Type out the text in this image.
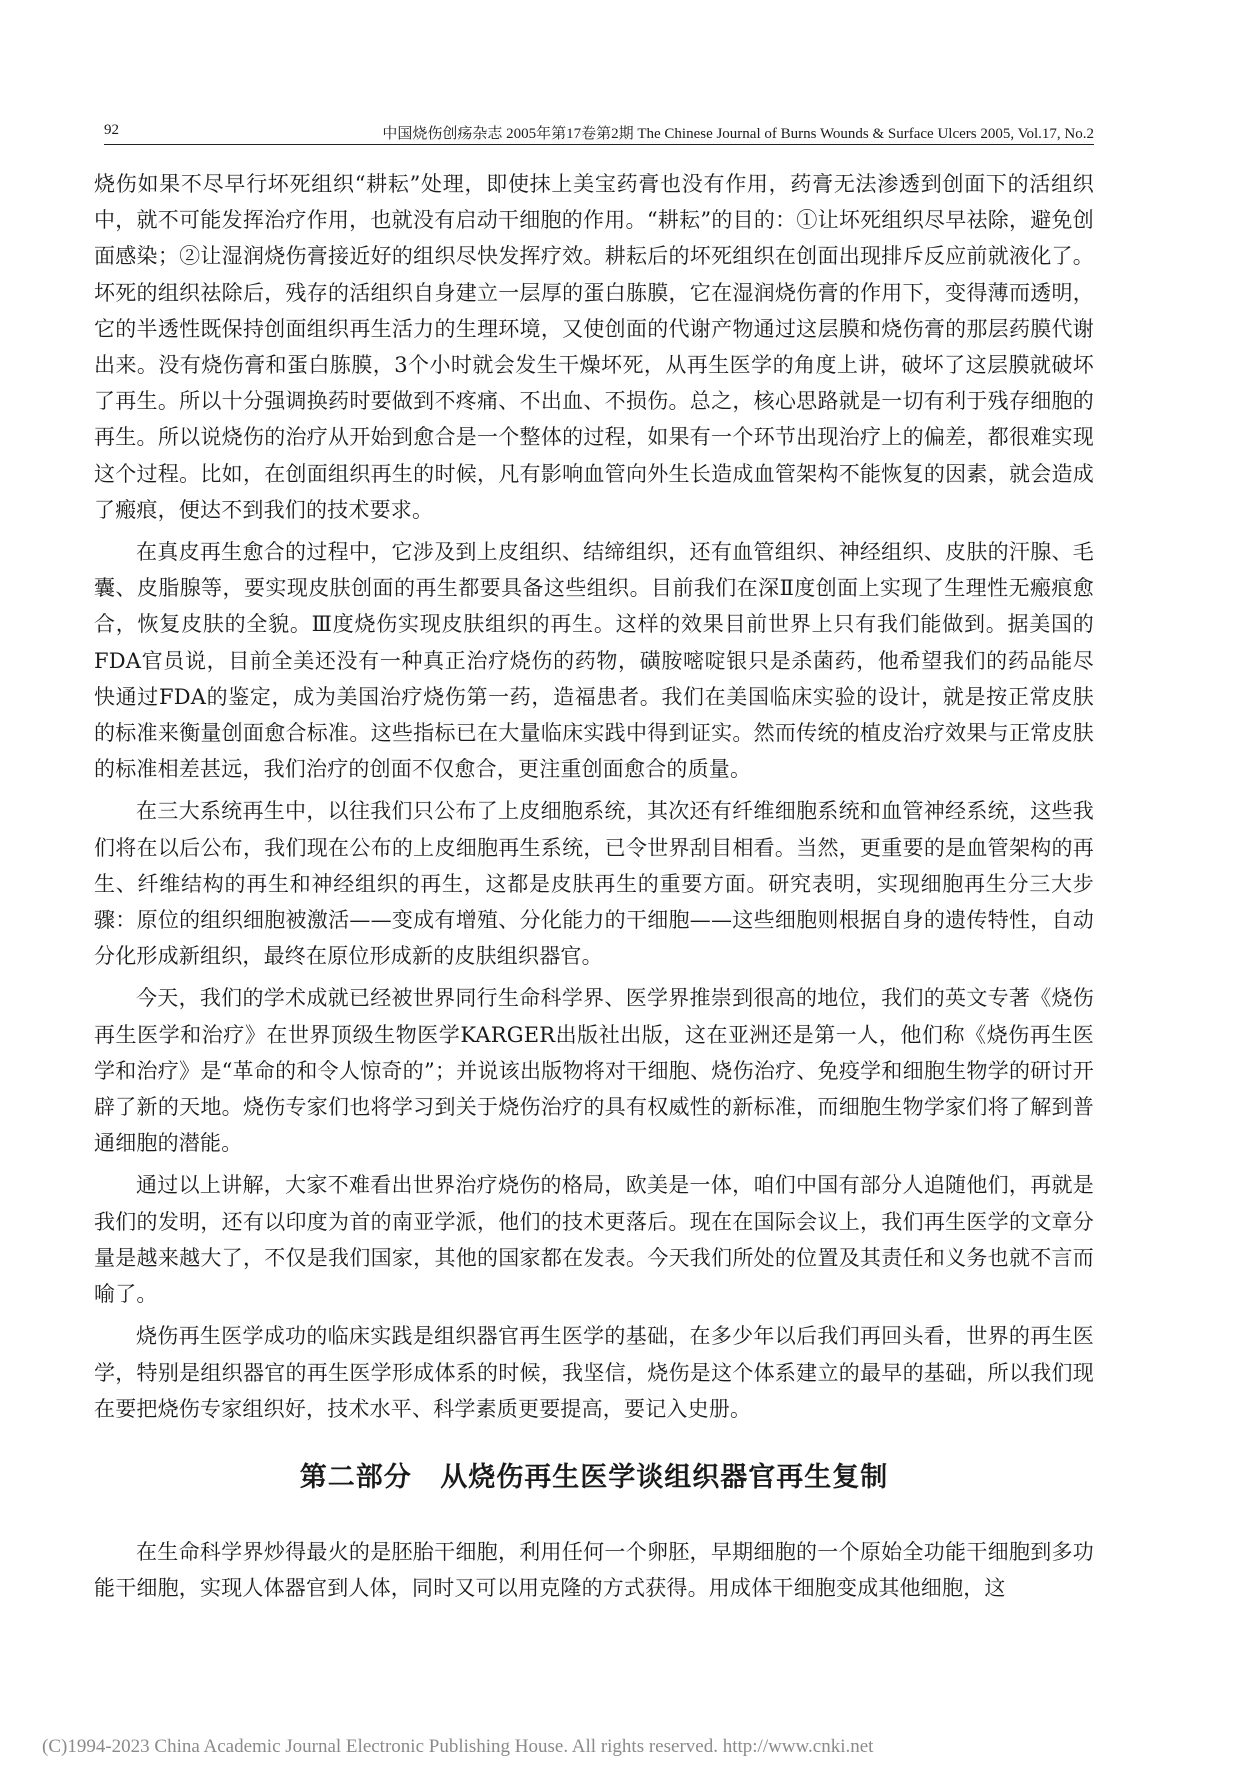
92	中国烧伤创疡杂志 2005年第17卷第2期 The Chinese Journal of Burns Wounds & Surface Ulcers 2005, Vol.17, No.2

烧伤如果不尽早行坏死组织“耕耘”处理，即使抹上美宝药膏也没有作用，药膏无法渗透到创面下的活组织中，就不可能发挥治疗作用，也就没有启动干细胞的作用。“耕耘”的目的：①让坏死组织尽早祛除，避免创面感染；②让湿润烧伤膏接近好的组织尽快发挥疗效。耕耘后的坏死组织在创面出现排斥反应前就液化了。坏死的组织祛除后，残存的活组织自身建立一层厚的蛋白胨膜，它在湿润烧伤膏的作用下，变得薄而透明，它的半透性既保持创面组织再生活力的生理环境，又使创面的代谢产物通过这层膜和烧伤膏的那层药膜代谢出来。没有烧伤膏和蛋白胨膜，3个小时就会发生干燥坏死，从再生医学的角度上讲，破坏了这层膜就破坏了再生。所以十分强调换药时要做到不疼痛、不出血、不损伤。总之，核心思路就是一切有利于残存细胞的再生。所以说烧伤的治疗从开始到愈合是一个整体的过程，如果有一个环节出现治疗上的偏差，都很难实现这个过程。比如，在创面组织再生的时候，凡有影响血管向外生长造成血管架构不能恢复的因素，就会造成了瘢痕，便达不到我们的技术要求。

在真皮再生愈合的过程中，它涉及到上皮组织、结缔组织，还有血管组织、神经组织、皮肤的汗腺、毛囊、皮脂腺等，要实现皮肤创面的再生都要具备这些组织。目前我们在深Ⅱ度创面上实现了生理性无瘢痕愈合，恢复皮肤的全貌。Ⅲ度烧伤实现皮肤组织的再生。这样的效果目前世界上只有我们能做到。据美国的FDA官员说，目前全美还没有一种真正治疗烧伤的药物，磺胺嘧啶银只是杀菌药，他希望我们的药品能尽快通过FDA的鉴定，成为美国治疗烧伤第一药，造福患者。我们在美国临床实验的设计，就是按正常皮肤的标准来衡量创面愈合标准。这些指标已在大量临床实践中得到证实。然而传统的植皮治疗效果与正常皮肤的标准相差甚远，我们治疗的创面不仅愈合，更注重创面愈合的质量。

在三大系统再生中，以往我们只公布了上皮细胞系统，其次还有纤维细胞系统和血管神经系统，这些我们将在以后公布，我们现在公布的上皮细胞再生系统，已令世界刮目相看。当然，更重要的是血管架构的再生、纤维结构的再生和神经组织的再生，这都是皮肤再生的重要方面。研究表明，实现细胞再生分三大步骤：原位的组织细胞被激活——变成有增殖、分化能力的干细胞——这些细胞则根据自身的遗传特性，自动分化形成新组织，最终在原位形成新的皮肤组织器官。

今天，我们的学术成就已经被世界同行生命科学界、医学界推崇到很高的地位，我们的英文专著《烧伤再生医学和治疗》在世界顶级生物医学KARGER出版社出版，这在亚洲还是第一人，他们称《烧伤再生医学和治疗》是“革命的和令人惊奇的”；并说该出版物将对干细胞、烧伤治疗、免疫学和细胞生物学的研讨开辟了新的天地。烧伤专家们也将学习到关于烧伤治疗的具有权威性的新标准，而细胞生物学家们将了解到普通细胞的潜能。

通过以上讲解，大家不难看出世界治疗烧伤的格局，欧美是一体，咱们中国有部分人追随他们，再就是我们的发明，还有以印度为首的南亚学派，他们的技术更落后。现在在国际会议上，我们再生医学的文章分量是越来越大了，不仅是我们国家，其他的国家都在发表。今天我们所处的位置及其责任和义务也就不言而喻了。

烧伤再生医学成功的临床实践是组织器官再生医学的基础，在多少年以后我们再回头看，世界的再生医学，特别是组织器官的再生医学形成体系的时候，我坚信，烧伤是这个体系建立的最早的基础，所以我们现在要把烧伤专家组织好，技术水平、科学素质更要提高，要记入史册。

第二部分 从烧伤再生医学谈组织器官再生复制

在生命科学界炒得最火的是胚胎干细胞，利用任何一个卵胚，早期细胞的一个原始全功能干细胞到多功能干细胞，实现人体器官到人体，同时又可以用克隆的方式获得。用成体干细胞变成其他细胞，这

(C)1994-2023 China Academic Journal Electronic Publishing House. All rights reserved. http://www.cnki.net
